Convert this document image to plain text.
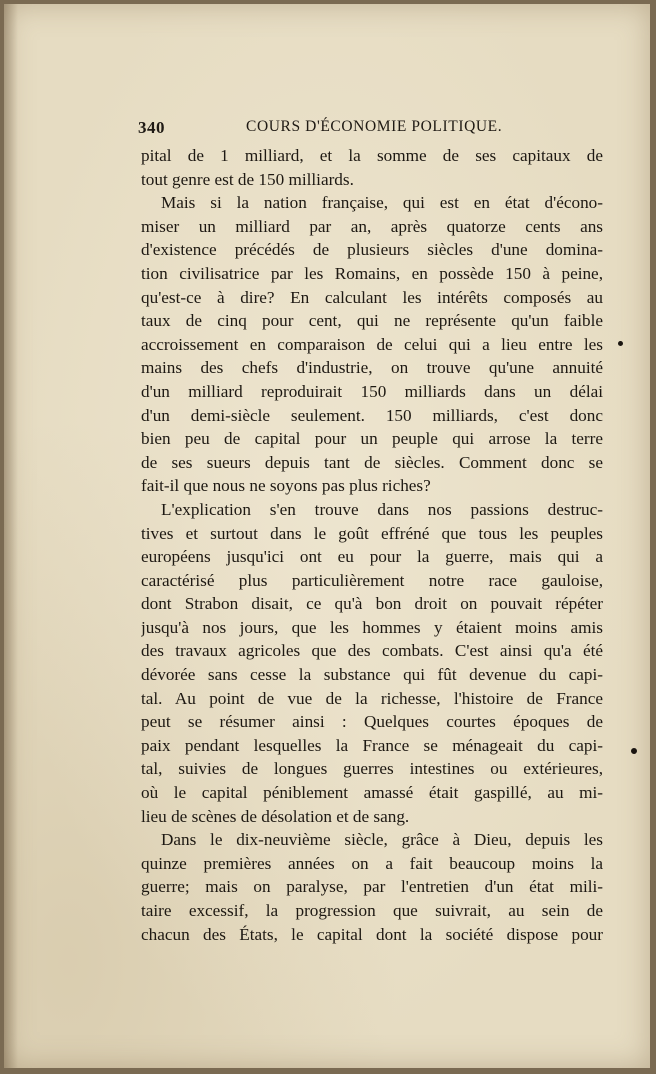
340	COURS D'ÉCONOMIE POLITIQUE.
pital de 1 milliard, et la somme de ses capitaux de
tout genre est de 150 milliards.
Mais si la nation française, qui est en état d'écono-
miser un milliard par an, après quatorze cents ans
d'existence précédés de plusieurs siècles d'une domina-
tion civilisatrice par les Romains, en possède 150 à peine,
qu'est-ce à dire? En calculant les intérêts composés au
taux de cinq pour cent, qui ne représente qu'un faible
accroissement en comparaison de celui qui a lieu entre les
mains des chefs d'industrie, on trouve qu'une annuité
d'un milliard reproduirait 150 milliards dans un délai
d'un demi-siècle seulement. 150 milliards, c'est donc
bien peu de capital pour un peuple qui arrose la terre
de ses sueurs depuis tant de siècles. Comment donc se
fait-il que nous ne soyons pas plus riches?
L'explication s'en trouve dans nos passions destruc-
tives et surtout dans le goût effréné que tous les peuples
européens jusqu'ici ont eu pour la guerre, mais qui a
caractérisé plus particulièrement notre race gauloise,
dont Strabon disait, ce qu'à bon droit on pouvait répéter
jusqu'à nos jours, que les hommes y étaient moins amis
des travaux agricoles que des combats. C'est ainsi qu'a été
dévorée sans cesse la substance qui fût devenue du capi-
tal. Au point de vue de la richesse, l'histoire de France
peut se résumer ainsi : Quelques courtes époques de
paix pendant lesquelles la France se ménageait du capi-
tal, suivies de longues guerres intestines ou extérieures,
où le capital péniblement amassé était gaspillé, au mi-
lieu de scènes de désolation et de sang.
Dans le dix-neuvième siècle, grâce à Dieu, depuis les
quinze premières années on a fait beaucoup moins la
guerre; mais on paralyse, par l'entretien d'un état mili-
taire excessif, la progression que suivrait, au sein de
chacun des États, le capital dont la société dispose pour
